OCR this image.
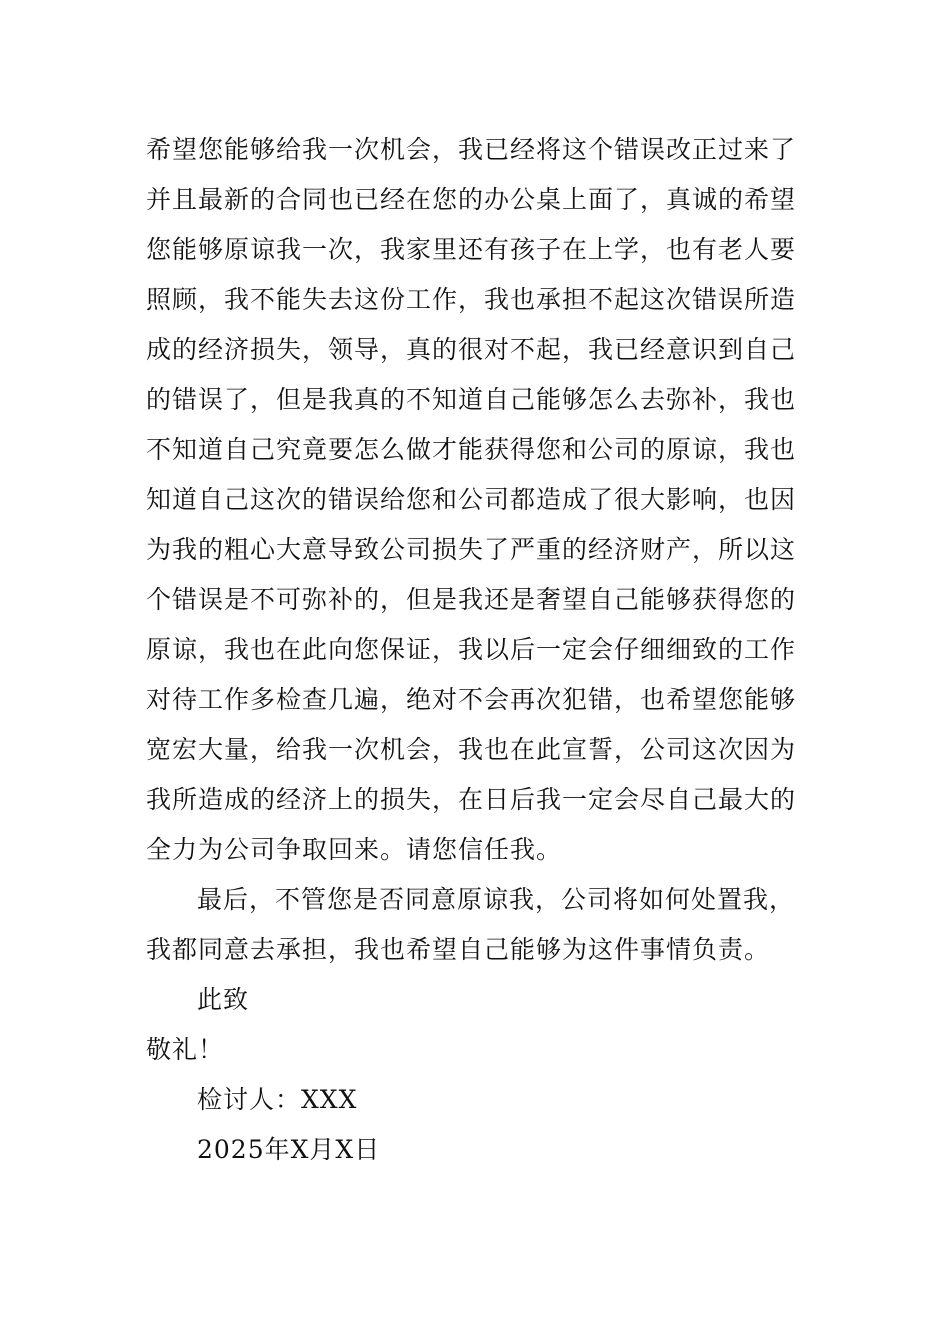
希望您能够给我一次机会，我已经将这个错误改正过来了
并且最新的合同也已经在您的办公桌上面了，真诚的希望
您能够原谅我一次，我家里还有孩子在上学，也有老人要
照顾，我不能失去这份工作，我也承担不起这次错误所造
成的经济损失，领导，真的很对不起，我已经意识到自己
的错误了，但是我真的不知道自己能够怎么去弥补，我也
不知道自己究竟要怎么做才能获得您和公司的原谅，我也
知道自己这次的错误给您和公司都造成了很大影响，也因
为我的粗心大意导致公司损失了严重的经济财产，所以这
个错误是不可弥补的，但是我还是奢望自己能够获得您的
原谅，我也在此向您保证，我以后一定会仔细细致的工作
对待工作多检查几遍，绝对不会再次犯错，也希望您能够
宽宏大量，给我一次机会，我也在此宣誓，公司这次因为
我所造成的经济上的损失，在日后我一定会尽自己最大的
全力为公司争取回来。请您信任我。
最后，不管您是否同意原谅我，公司将如何处置我，
我都同意去承担，我也希望自己能够为这件事情负责。
此致
敬礼！
检讨人：XXX
2025年X月X日
